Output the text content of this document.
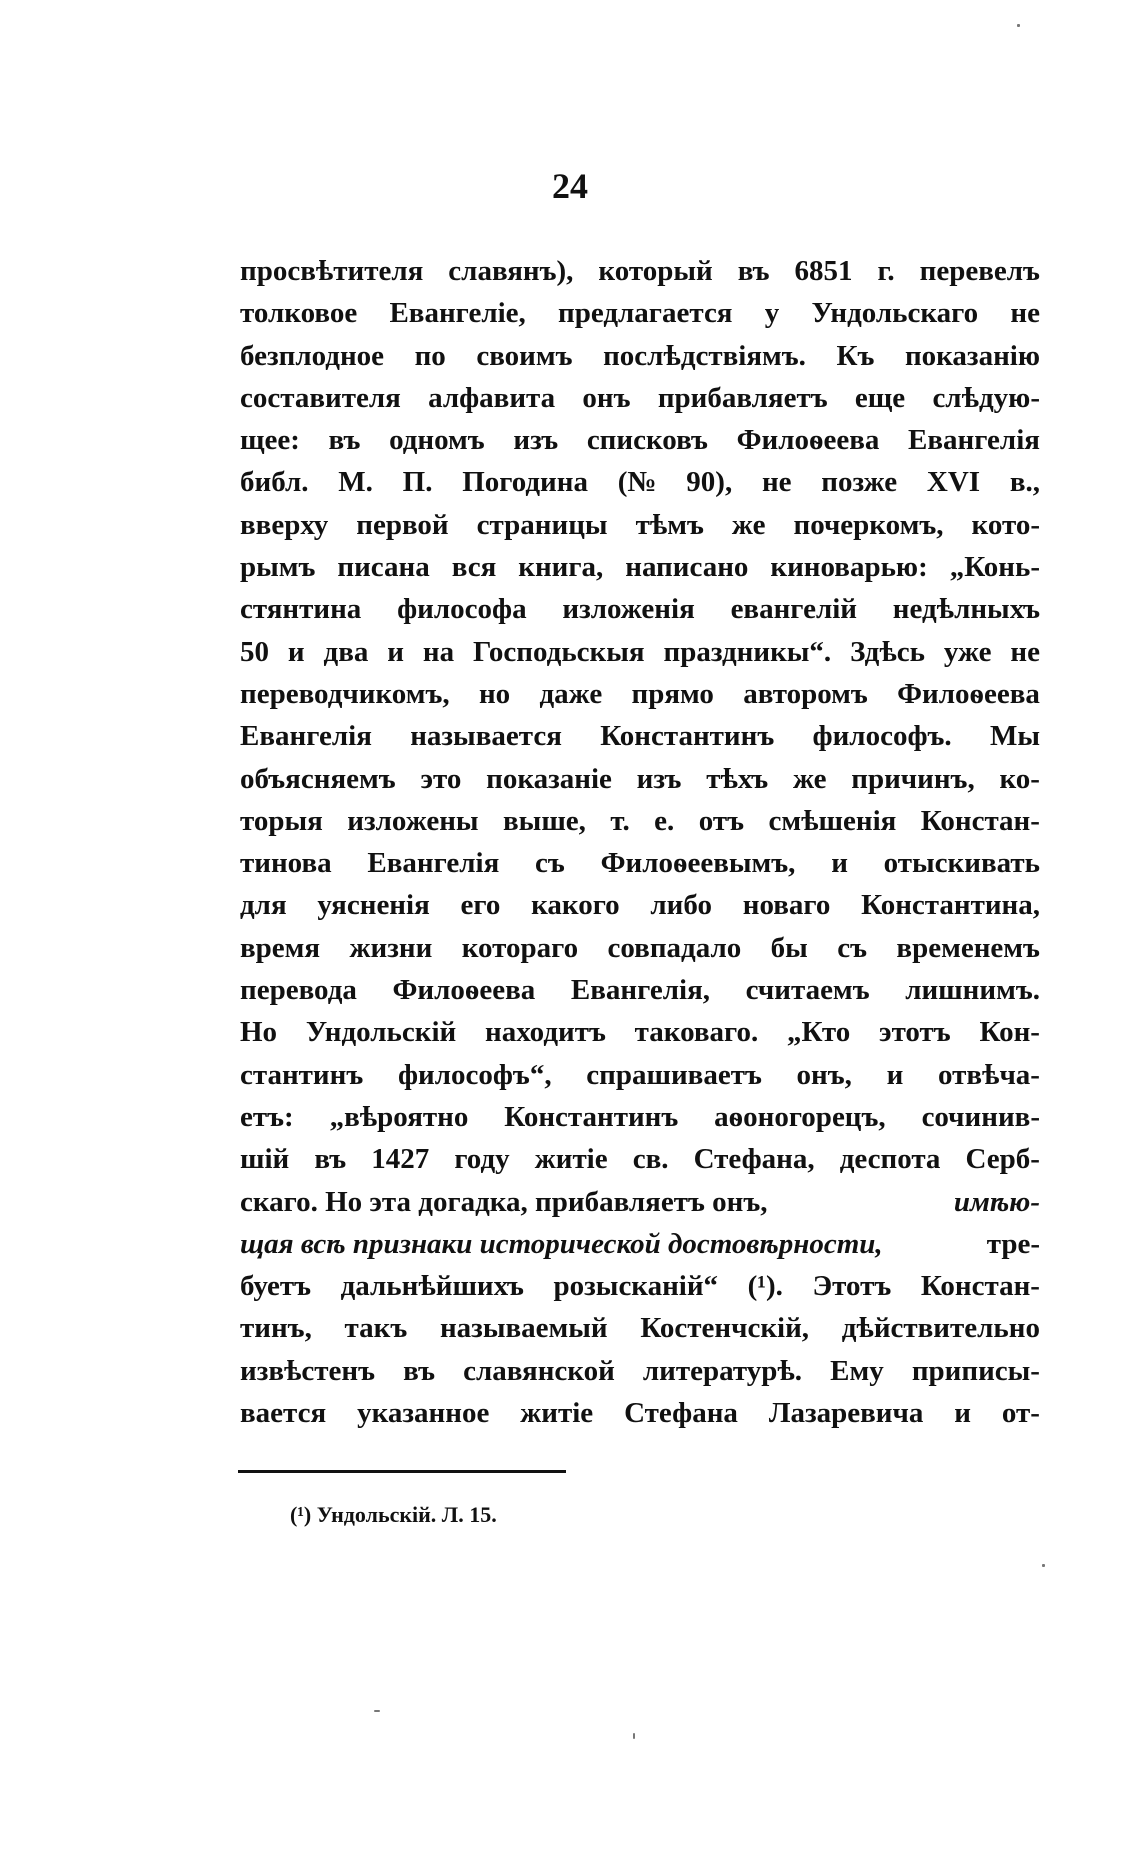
24
просвѣтителя славянъ), который въ 6851 г. перевелъ
толковое Евангеліе, предлагается у Ундольскаго не
безплодное по своимъ послѣдствіямъ. Къ показанію
составителя алфавита онъ прибавляетъ еще слѣдую-
щее: въ одномъ изъ списковъ Филоѳеева Евангелія
библ. М. П. Погодина (№ 90), не позже XVI в.,
вверху первой страницы тѣмъ же почеркомъ, кото-
рымъ писана вся книга, написано киноварью: „Конь-
стянтина философа изложенія евангелій недѣлныхъ
50 и два и на Господьскыя праздникы“. Здѣсь уже не
переводчикомъ, но даже прямо авторомъ Филоѳеева
Евангелія называется Константинъ философъ. Мы
объясняемъ это показаніе изъ тѣхъ же причинъ, ко-
торыя изложены выше, т. е. отъ смѣшенія Констан-
тинова Евангелія съ Филоѳеевымъ, и отыскивать
для уясненія его какого либо новаго Константина,
время жизни котораго совпадало бы съ временемъ
перевода Филоѳеева Евангелія, считаемъ лишнимъ.
Но Ундольскій находитъ таковаго. „Кто этотъ Кон-
стантинъ философъ“, спрашиваетъ онъ, и отвѣча-
етъ: „вѣроятно Константинъ аѳоногорецъ, сочинив-
шій въ 1427 году житіе св. Стефана, деспота Серб-
скаго. Но эта догадка, прибавляетъ онъ,	имѣю-
щая всѣ признаки исторической достовѣрности,	тре-
буетъ дальнѣйшихъ розысканій“ (¹). Этотъ Констан-
тинъ, такъ называемый Костенчскій, дѣйствительно
извѣстенъ въ славянской литературѣ. Ему приписы-
вается указанное житіе Стефана Лазаревича и от-
(¹) Ундольскій. Л. 15.
